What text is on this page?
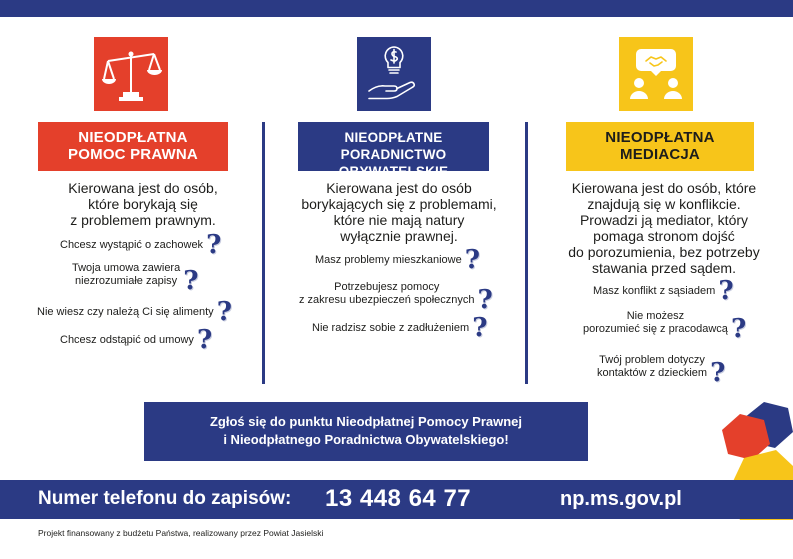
NIEODPŁATNA
POMOC PRAWNA
NIEODPŁATNE
PORADNICTWO OBYWATELSKIE
NIEODPŁATNA
MEDIACJA
Kierowana jest do osób,
które borykają się
z problemem prawnym.
Kierowana jest do osób
borykających się z problemami,
które nie mają natury
wyłącznie prawnej.
Kierowana jest do osób, które
znajdują się w konflikcie.
Prowadzi ją mediator, który
pomaga stronom dojść
do porozumienia, bez potrzeby
stawania przed sądem.
Chcesz wystąpić o zachowek ?
Twoja umowa zawiera
niezrozumiałe zapisy ?
Nie wiesz czy należą Ci się alimenty ?
Chcesz odstąpić od umowy ?
Masz problemy mieszkaniowe ?
Potrzebujesz pomocy
z zakresu ubezpieczeń społecznych ?
Nie radzisz sobie z zadłużeniem ?
Masz konflikt z sąsiadem ?
Nie możesz
porozumieć się z pracodawcą ?
Twój problem dotyczy
kontaktów z dzieckiem ?
Zgłoś się do punktu Nieodpłatnej Pomocy Prawnej
i Nieodpłatnego Poradnictwa Obywatelskiego!
Numer telefonu do zapisów: 13 448 64 77	np.ms.gov.pl
Projekt finansowany z budżetu Państwa, realizowany przez Powiat Jasielski
